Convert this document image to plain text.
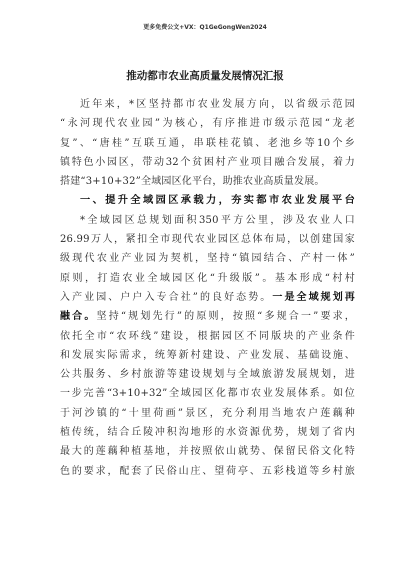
更多免费公文+VX：Q1GeGongWen2024
推动都市农业高质量发展情况汇报
近年来，*区坚持都市农业发展方向，以省级示范园
“永河现代农业园”为核心，有序推进市级示范园“龙老
复”、“唐桂”互联互通，串联桂花镇、老池乡等10个乡
镇特色小园区，带动32个贫困村产业项目融合发展，着力
搭建“3+10+32”全域园区化平台，助推农业高质量发展。
一、提升全域园区承载力，夯实都市农业发展平台
*全域园区总规划面积350平方公里，涉及农业人口
26.99万人，紧扣全市现代农业园区总体布局，以创建国家
级现代农业产业园为契机，坚持“镇园结合、产村一体”
原则，打造农业全域园区化“升级版”。基本形成“村村
入产业园、户户入专合社”的良好态势。一是全域规划再
融合。坚持“规划先行”的原则，按照“多规合一”要求，
依托全市“农环线”建设，根据园区不同版块的产业条件
和发展实际需求，统筹新村建设、产业发展、基础设施、
公共服务、乡村旅游等建设规划与全域旅游发展规划，进
一步完善“3+10+32”全域园区化都市农业发展体系。如位
于河沙镇的“十里荷画”景区，充分利用当地农户莲藕种
植传统，结合丘陵冲积沟地形的水资源优势，规划了省内
最大的莲藕种植基地，并按照依山就势、保留民俗文化特
色的要求，配套了民俗山庄、望荷亭、五彩栈道等乡村旅
